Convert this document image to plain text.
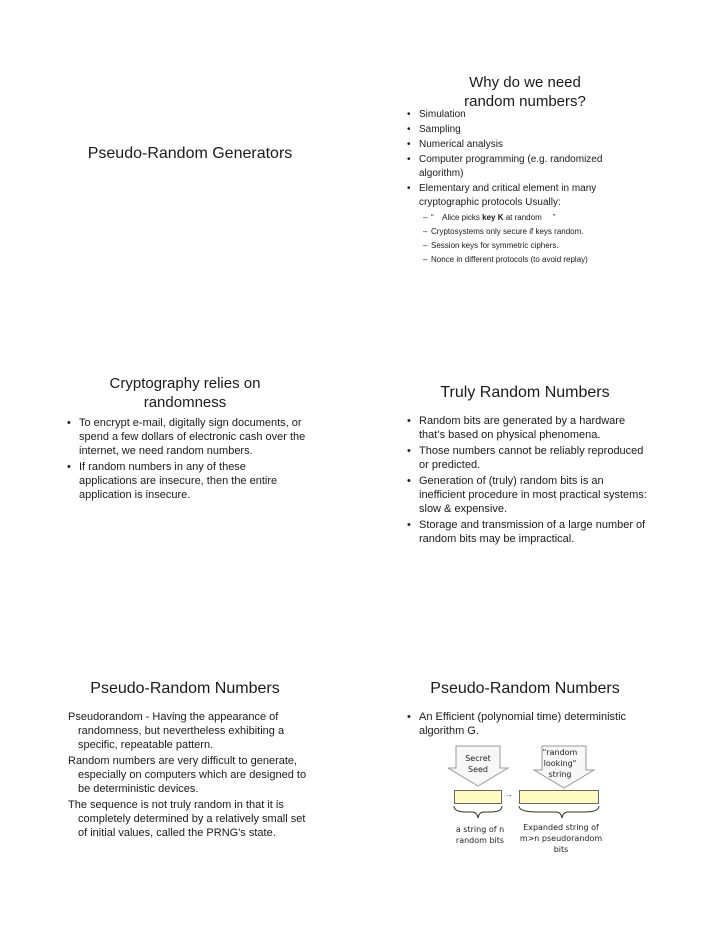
Pseudo-Random Generators
Why do we need
random numbers?
• Simulation
• Sampling
• Numerical analysis
• Computer programming (e.g. randomized algorithm)
• Elementary and critical element in many cryptographic protocols Usually:
– “    Alice picks key K at random     ”
– Cryptosystems only secure if keys random.
– Session keys for symmetric ciphers.
– Nonce in different protocols (to avoid replay)
Cryptography relies on
randomness
• To encrypt e-mail, digitally sign documents, or spend a few dollars of electronic cash over the internet, we need random numbers.
• If random numbers in any of these applications are insecure, then the entire application is insecure.
Truly Random Numbers
• Random bits are generated by a hardware that’s based on physical phenomena.
• Those numbers cannot be reliably reproduced or predicted.
• Generation of (truly) random bits is an inefficient procedure in most practical systems: slow & expensive.
• Storage and transmission of a large number of random bits may be impractical.
Pseudo-Random Numbers

Pseudorandom - Having the appearance of randomness, but nevertheless exhibiting a specific, repeatable pattern.

Random numbers are very difficult to generate, especially on computers which are designed to be deterministic devices.

The sequence is not truly random in that it is completely determined by a relatively small set of initial values, called the PRNG's state.

Pseudo-Random Numbers
• An Efficient (polynomial time) deterministic algorithm G.
Secret Seed
"random looking" string
→
a string of n random bits
Expanded string of m>n pseudorandom bits
